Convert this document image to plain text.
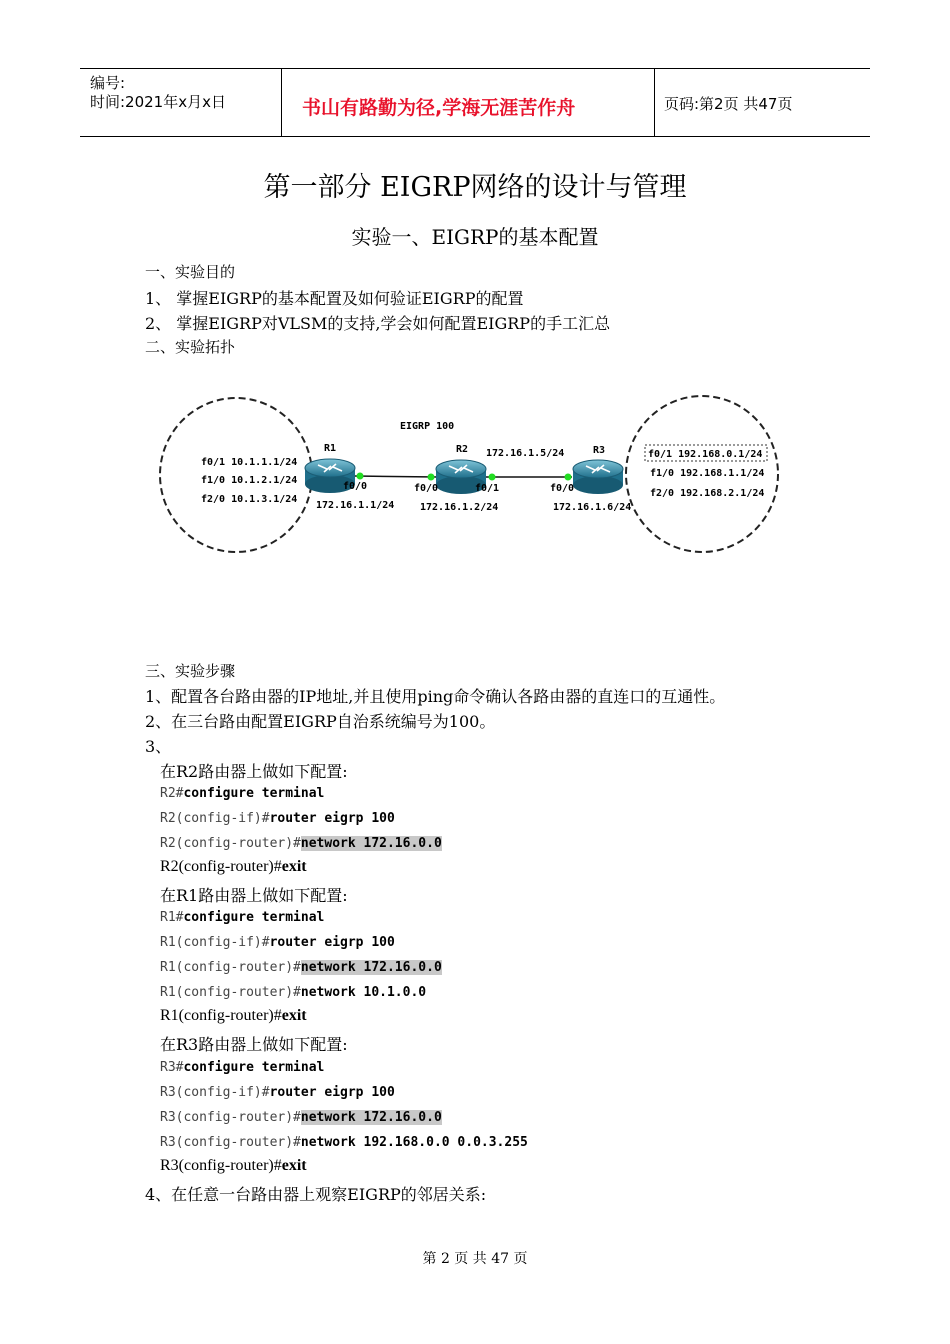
编号:
时间:2021年x月x日	书山有路勤为径,学海无涯苦作舟	页码:第2页 共47页
第一部分 EIGRP网络的设计与管理
实验一、EIGRP的基本配置
一、实验目的
1、 掌握EIGRP的基本配置及如何验证EIGRP的配置
2、 掌握EIGRP对VLSM的支持,学会如何配置EIGRP的手工汇总
二、实验拓扑
EIGRP 100
R1	R2	R3
f0/1 10.1.1.1/24
f1/0 10.1.2.1/24
f2/0 10.1.3.1/24
f0/0
172.16.1.1/24
f0/0	f0/1
172.16.1.2/24
172.16.1.5/24
f0/0
172.16.1.6/24
f0/1 192.168.0.1/24
f1/0 192.168.1.1/24
f2/0 192.168.2.1/24
三、实验步骤
1、配置各台路由器的IP地址,并且使用ping命令确认各路由器的直连口的互通性。
2、在三台路由配置EIGRP自治系统编号为100。
3、
在R2路由器上做如下配置:
R2#configure terminal
R2(config-if)#router eigrp 100
R2(config-router)#network 172.16.0.0
R2(config-router)#exit
在R1路由器上做如下配置:
R1#configure terminal
R1(config-if)#router eigrp 100
R1(config-router)#network 172.16.0.0
R1(config-router)#network 10.1.0.0
R1(config-router)#exit
在R3路由器上做如下配置:
R3#configure terminal
R3(config-if)#router eigrp 100
R3(config-router)#network 172.16.0.0
R3(config-router)#network 192.168.0.0 0.0.3.255
R3(config-router)#exit
4、在任意一台路由器上观察EIGRP的邻居关系:
第 2 页 共 47 页
